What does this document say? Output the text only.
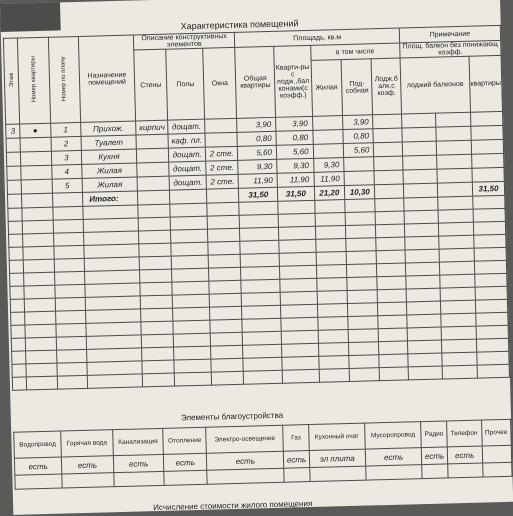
Характеристика помещений
Этаж	Номер квартиры	Номер по плану	Назначение помещений	Описание конструктивных элементов			Площадь, кв.м					Примечание		
				Стены	Полы	Окна	Общая квартиры	Кварти-ры с лодж.,бал конами(с коэфф.)	в том числе			Площ. балкон без понижающ коэфф.		
									Жилая	Под-собная	Лодж.б алк.с коэф.	лоджий балконов		квартиры
3	●	1	Прихож.	кирпич	дощат.		3,90	3,90		3,90				
		2	Туалет		каф. пл.		0,80	0,80		0,80				
		3	Кухня		дощат.	2 сте.	5,60	5,60		5,60				
		4	Жилая		дощат.	2 сте.	9,30	9,30	9,30					
		5	Жилая		дощат.	2 сте.	11,90	11,90	11,90					
			Итого:				31,50	31,50	21,20	10,30				31,50

Элементы благоустройства
Водопровод	Горячая вода	Канализация	Отопление	Электро-освещение	Газ	Кухонный очаг	Мусоропровод	Радио	Телефон	Прочее
есть	есть	есть	есть	есть	есть	эл плита	есть	есть	есть	

Исчисление стоимости жилого помещения
